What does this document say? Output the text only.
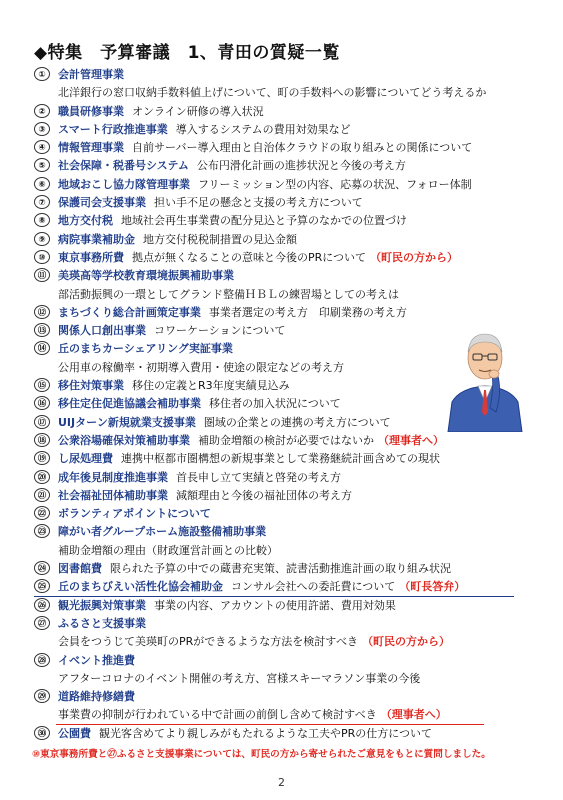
◆特集　予算審議　1、青田の質疑一覧
① 会計管理事業
北洋銀行の窓口収納手数料値上げについて、町の手数料への影響についてどう考えるか
② 職員研修事業 オンライン研修の導入状況
③ スマート行政推進事業 導入するシステムの費用対効果など
④ 情報管理事業 自前サーバー導入理由と自治体クラウドの取り組みとの関係について
⑤ 社会保障・税番号システム 公布円滑化計画の進捗状況と今後の考え方
⑥ 地域おこし協力隊管理事業 フリーミッション型の内容、応募の状況、フォロー体制
⑦ 保護司会支援事業 担い手不足の懸念と支援の考え方について
⑧ 地方交付税 地域社会再生事業費の配分見込と予算のなかでの位置づけ
⑨ 病院事業補助金 地方交付税税制措置の見込金額
⑩ 東京事務所費 拠点が無くなることの意味と今後のPRについて （町民の方から）
⑪ 美瑛高等学校教育環境振興補助事業
部活動振興の一環としてグランド整備ＨＢＬの練習場としての考えは
⑫ まちづくり総合計画策定事業 事業者選定の考え方　印刷業務の考え方
⑬ 関係人口創出事業 コワーケーションについて
⑭ 丘のまちカーシェアリング実証事業
公用車の稼働率・初期導入費用・使途の限定などの考え方
⑮ 移住対策事業 移住の定義とR3年度実績見込み
⑯ 移住定住促進協議会補助事業 移住者の加入状況について
⑰ UIJターン新規就業支援事業 圏域の企業との連携の考え方について
⑱ 公衆浴場確保対策補助事業 補助金増額の検討が必要ではないか （理事者へ）
⑲ し尿処理費 連携中枢都市圏構想の新規事業として業務継続計画含めての現状
⑳ 成年後見制度推進事業 首長申し立て実績と啓発の考え方
㉑ 社会福祉団体補助事業 減額理由と今後の福祉団体の考え方
㉒ ボランティアポイントについて
㉓ 障がい者グループホーム施設整備補助事業
補助金増額の理由（財政運営計画との比較）
㉔ 図書館費 限られた予算の中での蔵書充実策、読書活動推進計画の取り組み状況
㉕ 丘のまちびえい活性化協会補助金 コンサル会社への委託費について （町長答弁）
㉖ 観光振興対策事業 事業の内容、アカウントの使用許諾、費用対効果
㉗ ふるさと支援事業
会員をつうじて美瑛町のPRができるような方法を検討すべき （町民の方から）
㉘ イベント推進費
アフターコロナのイベント開催の考え方、宮様スキーマラソン事業の今後
㉙ 道路維持修繕費
事業費の抑制が行われている中で計画の前倒し含めて検討すべき （理事者へ）
㉚ 公園費 観光客含めてより親しみがもたれるような工夫やPRの仕方について
⑩東京事務所費と㉗ふるさと支援事業については、町民の方から寄せられたご意見をもとに質問しました。
2
